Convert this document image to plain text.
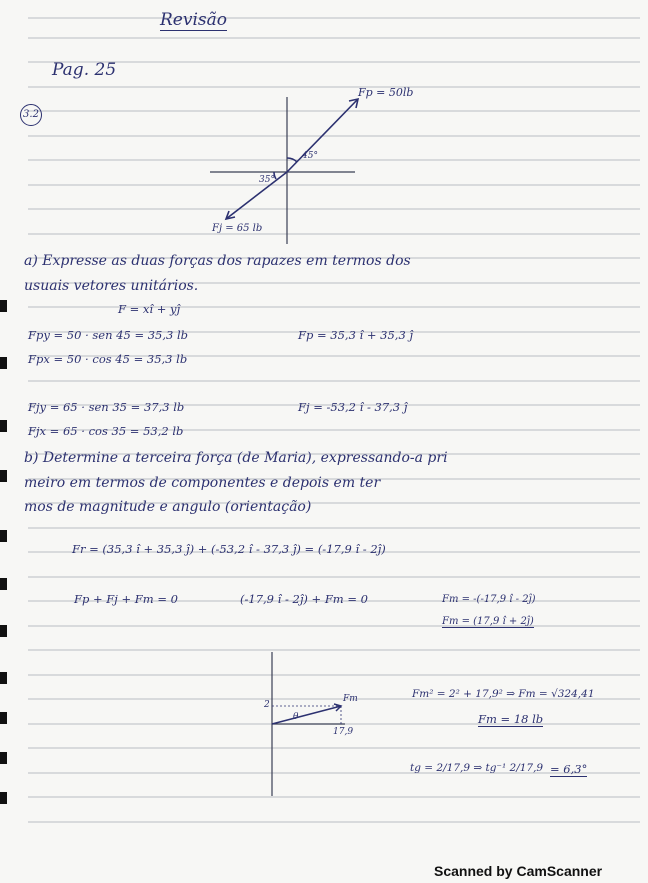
Revisão
Pag. 25
3.2
Fp = 50lb
Fj = 65 lb
45°
35°
a) Expresse as duas forças dos rapazes em termos dos
usuais vetores unitários.
F = xî + yĵ
Fpy = 50 · sen 45 = 35,3 lb
Fpx = 50 · cos 45 = 35,3 lb
Fp = 35,3 î + 35,3 ĵ
Fjy = 65 · sen 35 = 37,3 lb
Fjx = 65 · cos 35 = 53,2 lb
Fj = -53,2 î - 37,3 ĵ
b) Determine a terceira força (de Maria), expressando-a pri
meiro em termos de componentes e depois em ter
mos de magnitude e angulo (orientação)
Fr = (35,3 î + 35,3 ĵ) + (-53,2 î - 37,3 ĵ) = (-17,9 î - 2ĵ)
Fp + Fj + Fm = 0	(-17,9 î - 2ĵ) + Fm = 0	Fm = -(-17,9 î - 2ĵ)
Fm = (17,9 î + 2ĵ)
Fm
2
17,9
θ
Fm² = 2² + 17,9² ⇒ Fm = √324,41
Fm = 18 lb
tg = 2/17,9 ⇒ tg⁻¹ 2/17,9 = 6,3°
Scanned by CamScanner
